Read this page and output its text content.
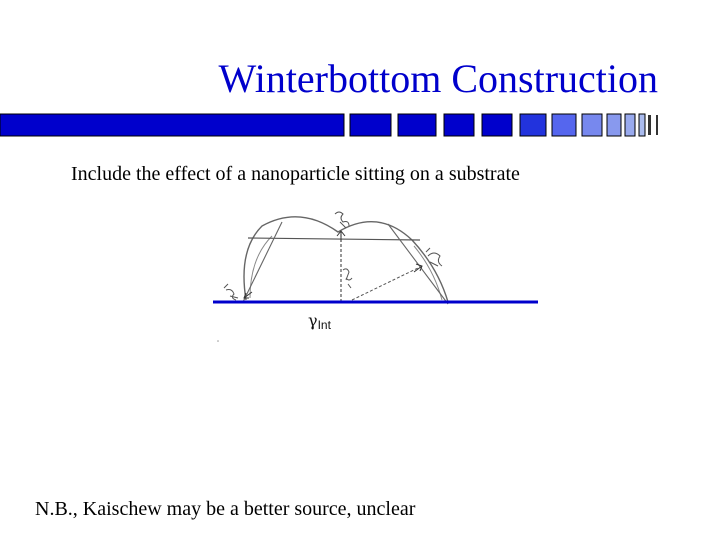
Winterbottom Construction
Include the effect of a nanoparticle sitting on a substrate
γInt
N.B., Kaischew may be a better source, unclear
